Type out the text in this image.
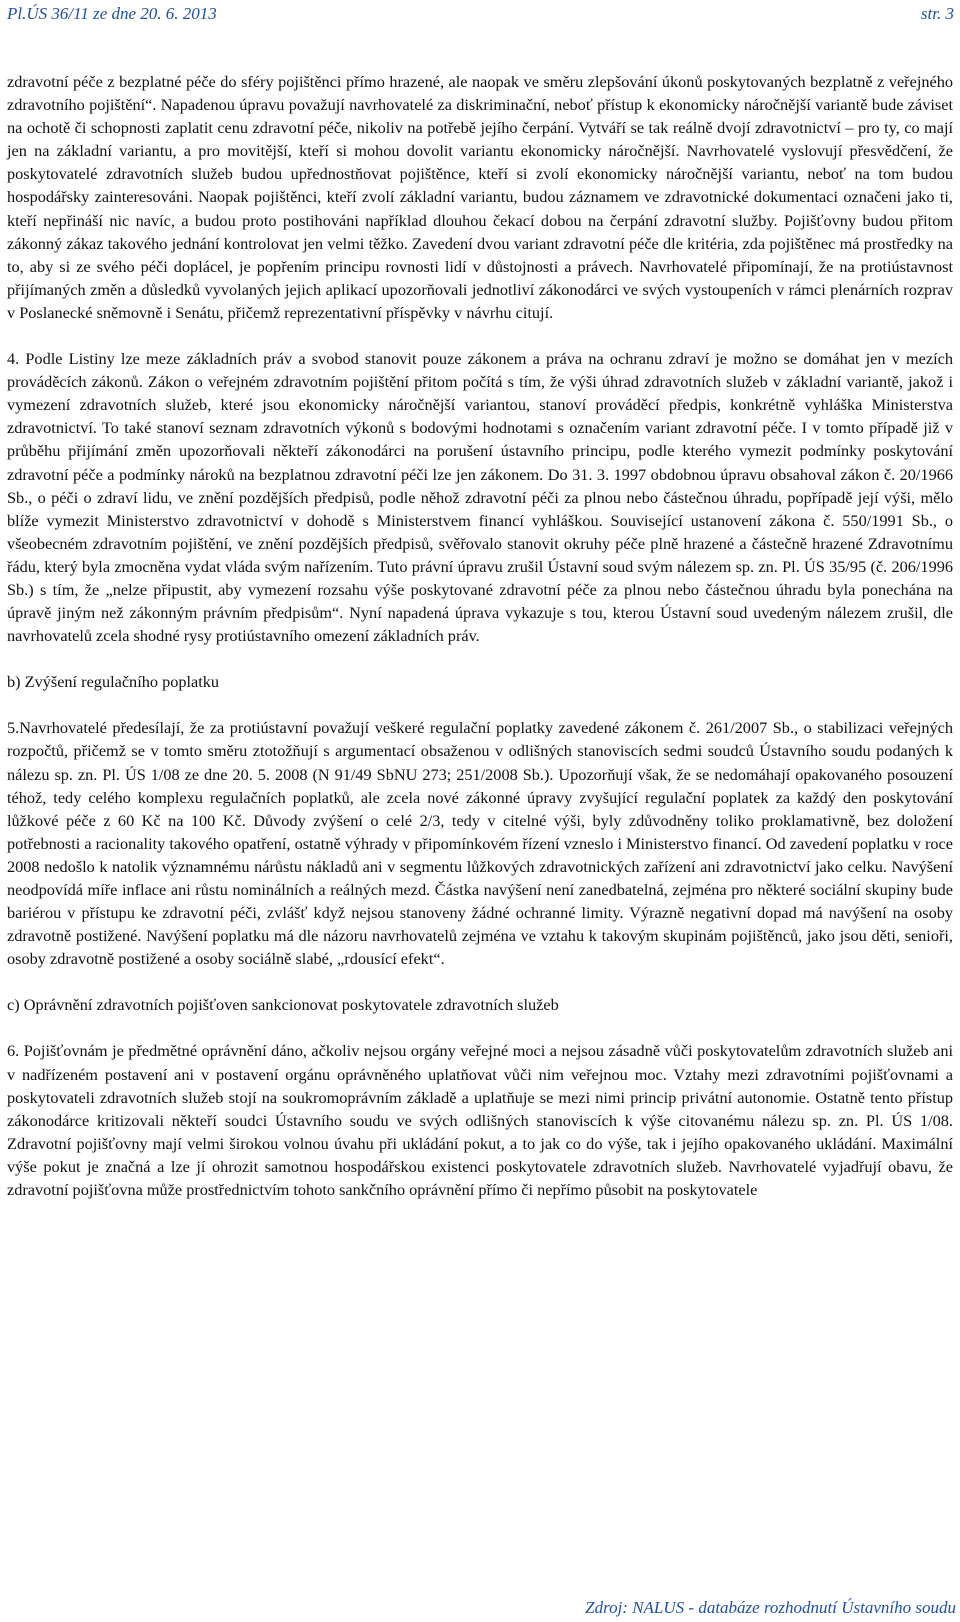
Pl.ÚS 36/11 ze dne 20. 6. 2013	str. 3

zdravotní péče z bezplatné péče do sféry pojištěnci přímo hrazené, ale naopak ve směru zlepšování úkonů poskytovaných bezplatně z veřejného zdravotního pojištění“. Napadenou úpravu považují navrhovatelé za diskriminační, neboť přístup k ekonomicky náročnější variantě bude záviset na ochotě či schopnosti zaplatit cenu zdravotní péče, nikoliv na potřebě jejího čerpání. Vytváří se tak reálně dvojí zdravotnictví – pro ty, co mají jen na základní variantu, a pro movitější, kteří si mohou dovolit variantu ekonomicky náročnější. Navrhovatelé vyslovují přesvědčení, že poskytovatelé zdravotních služeb budou upřednostňovat pojištěnce, kteří si zvolí ekonomicky náročnější variantu, neboť na tom budou hospodářsky zainteresováni. Naopak pojištěnci, kteří zvolí základní variantu, budou záznamem ve zdravotnické dokumentaci označeni jako ti, kteří nepřináší nic navíc, a budou proto postihováni například dlouhou čekací dobou na čerpání zdravotní služby. Pojišťovny budou přitom zákonný zákaz takového jednání kontrolovat jen velmi těžko. Zavedení dvou variant zdravotní péče dle kritéria, zda pojištěnec má prostředky na to, aby si ze svého péči doplácel, je popřením principu rovnosti lidí v důstojnosti a právech. Navrhovatelé připomínají, že na protiústavnost přijímaných změn a důsledků vyvolaných jejich aplikací upozorňovali jednotliví zákonodárci ve svých vystoupeních v rámci plenárních rozprav v Poslanecké sněmovně i Senátu, přičemž reprezentativní příspěvky v návrhu citují.

4. Podle Listiny lze meze základních práv a svobod stanovit pouze zákonem a práva na ochranu zdraví je možno se domáhat jen v mezích prováděcích zákonů. Zákon o veřejném zdravotním pojištění přitom počítá s tím, že výši úhrad zdravotních služeb v základní variantě, jakož i vymezení zdravotních služeb, které jsou ekonomicky náročnější variantou, stanoví prováděcí předpis, konkrétně vyhláška Ministerstva zdravotnictví. To také stanoví seznam zdravotních výkonů s bodovými hodnotami s označením variant zdravotní péče. I v tomto případě již v průběhu přijímání změn upozorňovali někteří zákonodárci na porušení ústavního principu, podle kterého vymezit podmínky poskytování zdravotní péče a podmínky nároků na bezplatnou zdravotní péči lze jen zákonem. Do 31. 3. 1997 obdobnou úpravu obsahoval zákon č. 20/1966 Sb., o péči o zdraví lidu, ve znění pozdějších předpisů, podle něhož zdravotní péči za plnou nebo částečnou úhradu, popřípadě její výši, mělo blíže vymezit Ministerstvo zdravotnictví v dohodě s Ministerstvem financí vyhláškou. Související ustanovení zákona č. 550/1991 Sb., o všeobecném zdravotním pojištění, ve znění pozdějších předpisů, svěřovalo stanovit okruhy péče plně hrazené a částečně hrazené Zdravotnímu řádu, který byla zmocněna vydat vláda svým nařízením. Tuto právní úpravu zrušil Ústavní soud svým nálezem sp. zn. Pl. ÚS 35/95 (č. 206/1996 Sb.) s tím, že „nelze připustit, aby vymezení rozsahu výše poskytované zdravotní péče za plnou nebo částečnou úhradu byla ponechána na úpravě jiným než zákonným právním předpisům“. Nyní napadená úprava vykazuje s tou, kterou Ústavní soud uvedeným nálezem zrušil, dle navrhovatelů zcela shodné rysy protiústavního omezení základních práv.

b) Zvýšení regulačního poplatku

5.Navrhovatelé předesílají, že za protiústavní považují veškeré regulační poplatky zavedené zákonem č. 261/2007 Sb., o stabilizaci veřejných rozpočtů, přičemž se v tomto směru ztotožňují s argumentací obsaženou v odlišných stanoviscích sedmi soudců Ústavního soudu podaných k nálezu sp. zn. Pl. ÚS 1/08 ze dne 20. 5. 2008 (N 91/49 SbNU 273; 251/2008 Sb.). Upozorňují však, že se nedomáhají opakovaného posouzení téhož, tedy celého komplexu regulačních poplatků, ale zcela nové zákonné úpravy zvyšující regulační poplatek za každý den poskytování lůžkové péče z 60 Kč na 100 Kč. Důvody zvýšení o celé 2/3, tedy v citelné výši, byly zdůvodněny toliko proklamativně, bez doložení potřebnosti a racionality takového opatření, ostatně výhrady v připomínkovém řízení vzneslo i Ministerstvo financí. Od zavedení poplatku v roce 2008 nedošlo k natolik významnému nárůstu nákladů ani v segmentu lůžkových zdravotnických zařízení ani zdravotnictví jako celku. Navýšení neodpovídá míře inflace ani růstu nominálních a reálných mezd. Částka navýšení není zanedbatelná, zejména pro některé sociální skupiny bude bariérou v přístupu ke zdravotní péči, zvlášť když nejsou stanoveny žádné ochranné limity. Výrazně negativní dopad má navýšení na osoby zdravotně postižené. Navýšení poplatku má dle názoru navrhovatelů zejména ve vztahu k takovým skupinám pojištěnců, jako jsou děti, senioři, osoby zdravotně postižené a osoby sociálně slabé, „rdousící efekt“.

c) Oprávnění zdravotních pojišťoven sankcionovat poskytovatele zdravotních služeb

6. Pojišťovnám je předmětné oprávnění dáno, ačkoliv nejsou orgány veřejné moci a nejsou zásadně vůči poskytovatelům zdravotních služeb ani v nadřízeném postavení ani v postavení orgánu oprávněného uplatňovat vůči nim veřejnou moc. Vztahy mezi zdravotními pojišťovnami a poskytovateli zdravotních služeb stojí na soukromoprávním základě a uplatňuje se mezi nimi princip privátní autonomie. Ostatně tento přístup zákonodárce kritizovali někteří soudci Ústavního soudu ve svých odlišných stanoviscích k výše citovanému nálezu sp. zn. Pl. ÚS 1/08. Zdravotní pojišťovny mají velmi širokou volnou úvahu při ukládání pokut, a to jak co do výše, tak i jejího opakovaného ukládání. Maximální výše pokut je značná a lze jí ohrozit samotnou hospodářskou existenci poskytovatele zdravotních služeb. Navrhovatelé vyjadřují obavu, že zdravotní pojišťovna může prostřednictvím tohoto sankčního oprávnění přímo či nepřímo působit na poskytovatele

Zdroj: NALUS - databáze rozhodnutí Ústavního soudu
